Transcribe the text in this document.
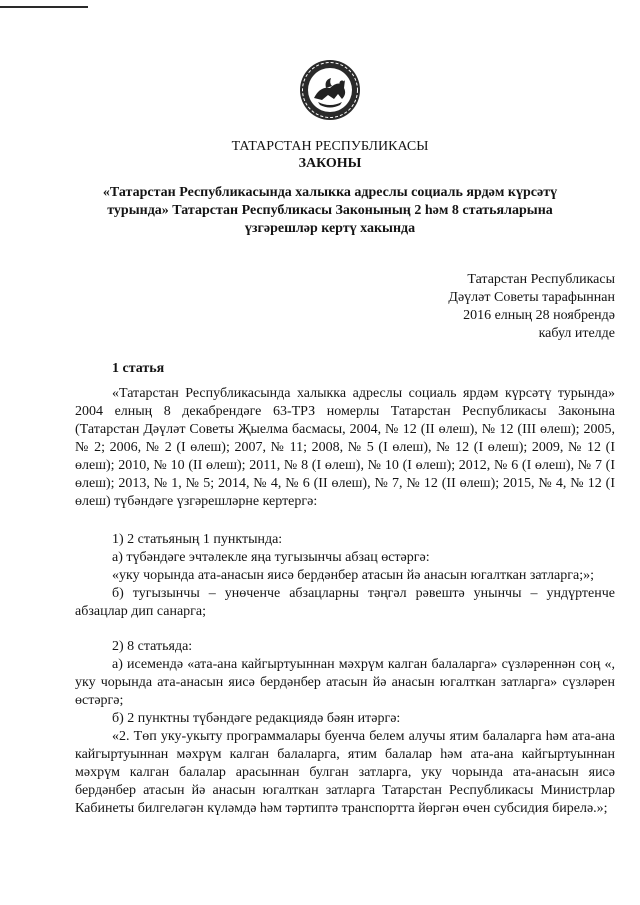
ТАТАРСТАН РЕСПУБЛИКАСЫ
ЗАКОНЫ
«Татарстан Республикасында халыкка адреслы социаль ярдәм күрсәтү
турында» Татарстан Республикасы Законының 2 һәм 8 статьяларына
үзгәрешләр кертү хакында
Татарстан Республикасы
Дәүләт Советы тарафыннан
2016 елның 28 ноябрендә
кабул ителде
1 статья

«Татарстан Республикасында халыкка адреслы социаль ярдәм күрсәтү турында» 2004 елның 8 декабрендәге 63-ТРЗ номерлы Татарстан Республикасы Законына (Татарстан Дәүләт Советы Җыелма басмасы, 2004, № 12 (II өлеш), № 12 (III өлеш); 2005, № 2; 2006, № 2 (I өлеш); 2007, № 11; 2008, № 5 (I өлеш), № 12 (I өлеш); 2009, № 12 (I өлеш); 2010, № 10 (II өлеш); 2011, № 8 (I өлеш), № 10 (I өлеш); 2012, № 6 (I өлеш), № 7 (I өлеш); 2013, № 1, № 5; 2014, № 4, № 6 (II өлеш), № 7, № 12 (II өлеш); 2015, № 4, № 12 (I өлеш) түбәндәге үзгәрешләрне кертергә:

1) 2 статьяның 1 пунктында:

а) түбәндәге эчтәлекле яңа тугызынчы абзац өстәргә:

«уку чорында ата-анасын яисә бердәнбер атасын йә анасын югалткан затларга;»;

б) тугызынчы – унөченче абзацларны тәңгәл рәвештә унынчы – ундүртенче абзацлар дип санарга;

2) 8 статьяда:

а) исемендә «ата-ана кайгыртуыннан мәхрүм калган балаларга» сүзләреннән соң «, уку чорында ата-анасын яисә бердәнбер атасын йә анасын югалткан затларга» сүзләрен өстәргә;

б) 2 пунктны түбәндәге редакциядә бәян итәргә:

«2. Төп уку-укыту программалары буенча белем алучы ятим балаларга һәм ата-ана кайгыртуыннан мәхрүм калган балаларга, ятим балалар һәм ата-ана кайгыртуыннан мәхрүм калган балалар арасыннан булган затларга, уку чорында ата-анасын яисә бердәнбер атасын йә анасын югалткан затларга Татарстан Республикасы Министрлар Кабинеты билгеләгән күләмдә һәм тәртиптә транспортта йөргән өчен субсидия бирелә.»;
